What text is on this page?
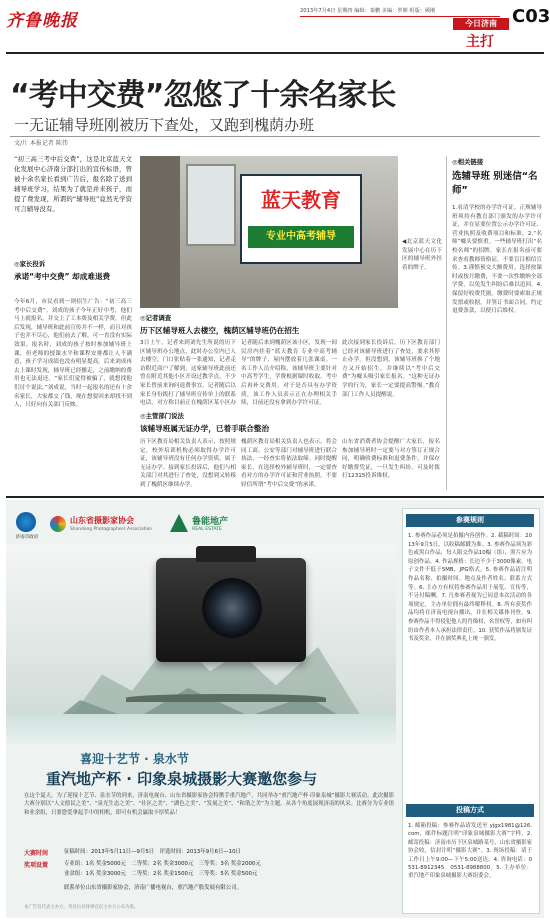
齐鲁晚报	2013年7月4日 星期四 编辑：秦鹏 美编：罗婵 组版：顾刚
今日济南
主打
C03
“考中交费”忽悠了十余名家长
一无证辅导班刚被历下查处，又跑到槐荫办班
文/片 本报记者 陈伟
“初三高三考中后交费”，这是北京蓝天文化发展中心济南分部打出的宣传标语，曾被十余名家长看到广告后，报名除了送到辅导班学习，结果为了就是并来孩子，而提了费发现，所谓的“辅导班”竟然无学资可言辅导没有。
◎家长投诉
承诺“考中交费” 却成难退费
今年6月，市民看到一则招生广告：“初三高三考中后交费”。刘成的孩子今年正好中考，他们马上就报名，并交上了工本费及相关学费。但此后发现，辅导班和此前宣传并不一样，而且对孩子也并不尽心，他们前去了解，可一直没有实际效果。报名时，刘成的孩子按时参加辅导班上课，但老师的授课水平和课程安排都让人不满意，孩子学习成绩也没有明显提高。后来刘成再去上课时发现，辅导班已经搬走，之前缴纳的费用也无法退还。“家长们觉得被骗了，就想找他们讨个说法。”刘成说，当时一起报名的还有十余名家长，大家都交了钱，现在想要回来却找不到人，只好向有关部门反映。
蓝天教育
专业中高考辅导	◀北京蓝天文化发展中心在历下区的辅导班外挂着的牌子。
◎记者调查
历下区辅导班人去楼空，槐荫区辅导班仍在招生
3日上午，记者来到刘先生所说的历下区辅导班办公地点，此时办公室内已人去楼空，门口张贴着一张通知，记者走访附近商户了解到，这家辅导班此前还曾在附近其他小区开设过教学点，不少家长曾前来询问退费事宜。记者随后以家长身份拨打了辅导班宣传单上的联系电话，对方称目前正在槐荫区某小区办
记者随后来到槐荫区该小区，发现一间民房内挂着“蓝天教育 专业中高考辅导”的牌子，屋内摆放着几张课桌。一名工作人员介绍称，该辅导班主要针对中高考学生，学费根据课时收取，考中后再补交费用。对于是否具有办学资质，该工作人员表示正在办理相关手续，目前还没有拿到办学许可证。
此次接到家长投诉后，历下区教育部门已经对该辅导班进行了查处，要求其停止办学。但没想到，该辅导班换了个地方又开始招生，并继续以“考中后交费”为噱头吸引家长报名。“这种无证办学的行为，家长一定要提高警惕。”教育部门工作人员提醒说。
◎主管部门说法
该辅导班属无证办学，已着手联合整治
历下区教育局相关负责人表示，按照规定，校外培训机构必须取得办学许可证，该辅导班没有任何办学资质，属于无证办学。接到家长投诉后，他们与相关部门对其进行了查处，没想到又转移到了槐荫区继续办学。
槐荫区教育局相关负责人也表示，将会同工商、公安等部门对辅导班进行联合执法，一经查实将依法取缔。同时提醒家长，在选择校外辅导班时，一定要查看对方的办学许可证和营业执照，不要轻信所谓“考中后交费”的承诺。
山东省消费者协会提醒广大家长，报名参加辅导班时一定要与对方签订正规合同，明确收费标准和退费条件，并保存好缴费凭证，一旦发生纠纷，可及时拨打12315投诉维权。
◎相关链接
选辅导班 别迷信“名师”
1.看清学校的办学许可证。正规辅导班须持有教育部门颁发的办学许可证，并在显要位置公示办学许可证、营业执照及收费项目和标准。2.“名师”噱头要慎重。一些辅导班打出“名校名师”的招牌，家长在报名前可要求查看教师资格证，不要盲目相信宣传。3.谨慎预交大额费用。选择按课时或按月缴费，不要一次性缴纳全部学费，以免发生纠纷后难以追回。4.保留好收费凭据。缴费时要索取正规发票或收据，并签订书面合同，约定退费条款，以便日后维权。
济南市政府
山东省摄影家协会
Shandong Photographers Association
鲁能地产
REAL ESTATE
喜迎十艺节 · 泉水节
重汽地产杯 · 印象泉城摄影大赛邀您参与
在这个夏天，为了迎接十艺节、泉水节的到来，济南电视台、山东省摄影家协会特携手重汽地产，共同举办“重汽地产杯·印象泉城”摄影大赛活动。此次摄影大赛分别以“人文德民之美”、“泉光生态之美”、“社区之美”、“湖色之美”、“发展之美”、“和谐之美”为主题。从各个角度展现济南的风采。比赛分为专业组和业余组，只要您爱拿起手中的相机，即可有机会赢取丰厚奖品！
大赛时间	征稿时间：2013年5月11日—9月5日　评选时间：2013年9月6日—10日
奖项设置	专业组：1名 奖金5000元　二等奖：2名 奖金3000元　三等奖：3名 奖金2000元
业余组：1名 奖金3000元　二等奖：2名 奖金1500元　三等奖：5名 奖金500元
联系单位山东省摄影家协会，济南广播电视台，重汽地产股发展有限公司。
本广告仅代表主办方，刊登后具体事宜以主办方公布为准。
参赛规则
1. 参赛作品必须是拍摄内容创作。2. 截稿时间：2013年9月5日，以收稿邮戳为准。3. 参赛作品须为彩色或黑白作品，每人限交作品10幅（组），照片应为原创作品。4. 作品规格：长边不少于3000像素，电子文件不低于5MB，JPG格式。5. 参赛作品请注明作品名称、拍摄时间、地点及作者姓名、联系方式等。6. 主办方有权将参赛作品用于展览、宣传等，不另付稿酬。7. 凡参赛者视为已同意本次活动的各项规定，主办单位拥有最终解释权。8. 所有获奖作品均将在济南电视台播出，并在相关媒体刊登。9. 参赛作品不得侵犯他人的肖像权、名誉权等，如有纠纷由作者本人承担法律责任。10. 获奖作品将颁发证书及奖金，并在颁奖典礼上统一颁发。
投稿方式
1. 邮箱投稿：参赛作品请发送至 yjgx1981@126.com，邮件标题注明“印象泉城摄影大赛”字样。2. 邮寄投稿：济南市历下区泉城路某号，山东省摄影家协会收，信封注明“摄影大赛”。3. 现场投稿：请于工作日上午9:00—下午5:00送达。4. 咨询电话：0531-8912345　0531-8988800。5. 主办单位：重汽地产印象泉城摄影大赛组委会。
